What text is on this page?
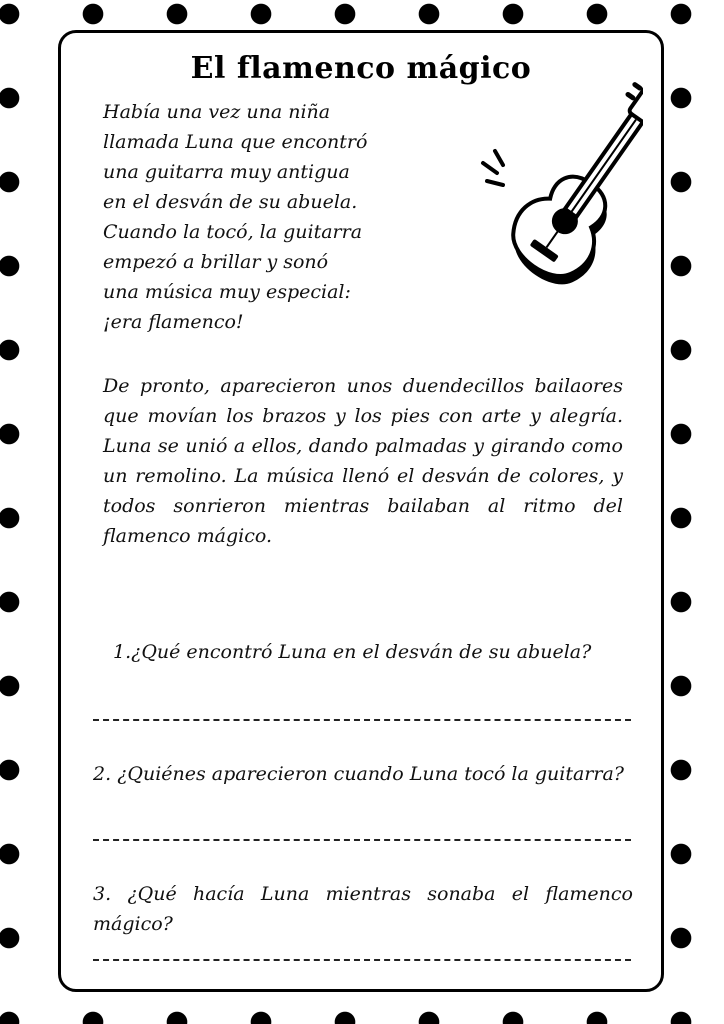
El flamenco mágico
Había una vez una niña
llamada Luna que encontró
una guitarra muy antigua
en el desván de su abuela.
Cuando la tocó, la guitarra
empezó a brillar y sonó
una música muy especial:
¡era flamenco!
De pronto, aparecieron unos duendecillos bailaores que movían los brazos y los pies con arte y alegría. Luna se unió a ellos, dando palmadas y girando como un remolino. La música llenó el desván de colores, y todos sonrieron mientras bailaban al ritmo del flamenco mágico.
1.¿Qué encontró Luna en el desván de su abuela?
2. ¿Quiénes aparecieron cuando Luna tocó la guitarra?
3. ¿Qué hacía Luna mientras sonaba el flamenco mágico?
